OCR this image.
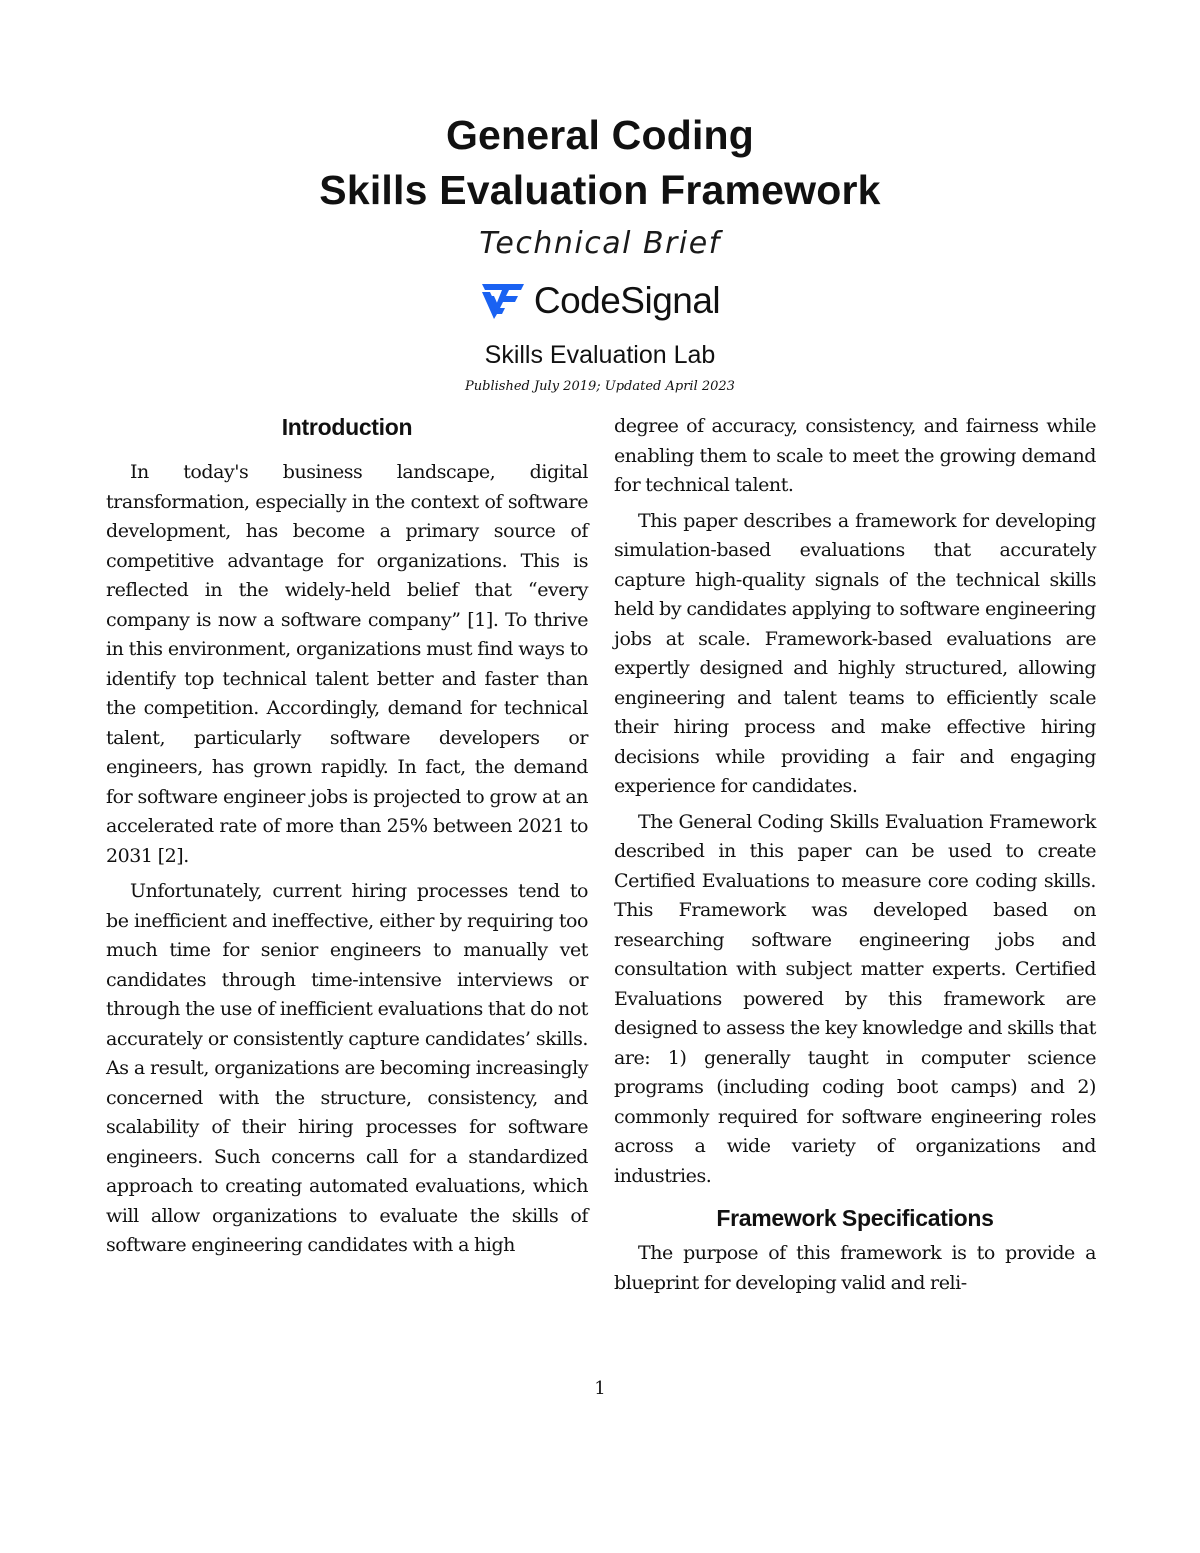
General Coding
Skills Evaluation Framework
Technical Brief
CodeSignal
Skills Evaluation Lab
Published July 2019; Updated April 2023
Introduction

In today's business landscape, digital transformation, especially in the context of software development, has become a primary source of competitive advantage for organizations. This is reflected in the widely-held belief that “every company is now a software company” [1]. To thrive in this environment, organizations must find ways to identify top technical talent better and faster than the competition. Accordingly, demand for technical talent, particularly software developers or engineers, has grown rapidly. In fact, the demand for software engineer jobs is projected to grow at an accelerated rate of more than 25% between 2021 to 2031 [2].

Unfortunately, current hiring processes tend to be inefficient and ineffective, either by requiring too much time for senior engineers to manually vet candidates through time-intensive interviews or through the use of inefficient evaluations that do not accurately or consistently capture candidates’ skills. As a result, organizations are becoming increasingly concerned with the structure, consistency, and scalability of their hiring processes for software engineers. Such concerns call for a standardized approach to creating automated evaluations, which will allow organizations to evaluate the skills of software engineering candidates with a high

degree of accuracy, consistency, and fairness while enabling them to scale to meet the growing demand for technical talent.

This paper describes a framework for developing simulation-based evaluations that accurately capture high-quality signals of the technical skills held by candidates applying to software engineering jobs at scale. Framework-based evaluations are expertly designed and highly structured, allowing engineering and talent teams to efficiently scale their hiring process and make effective hiring decisions while providing a fair and engaging experience for candidates.

The General Coding Skills Evaluation Framework described in this paper can be used to create Certified Evaluations to measure core coding skills. This Framework was developed based on researching software engineering jobs and consultation with subject matter experts. Certified Evaluations powered by this framework are designed to assess the key knowledge and skills that are: 1) generally taught in computer science programs (including coding boot camps) and 2) commonly required for software engineering roles across a wide variety of organizations and industries.

Framework Specifications

The purpose of this framework is to provide a blueprint for developing valid and reli-

1
